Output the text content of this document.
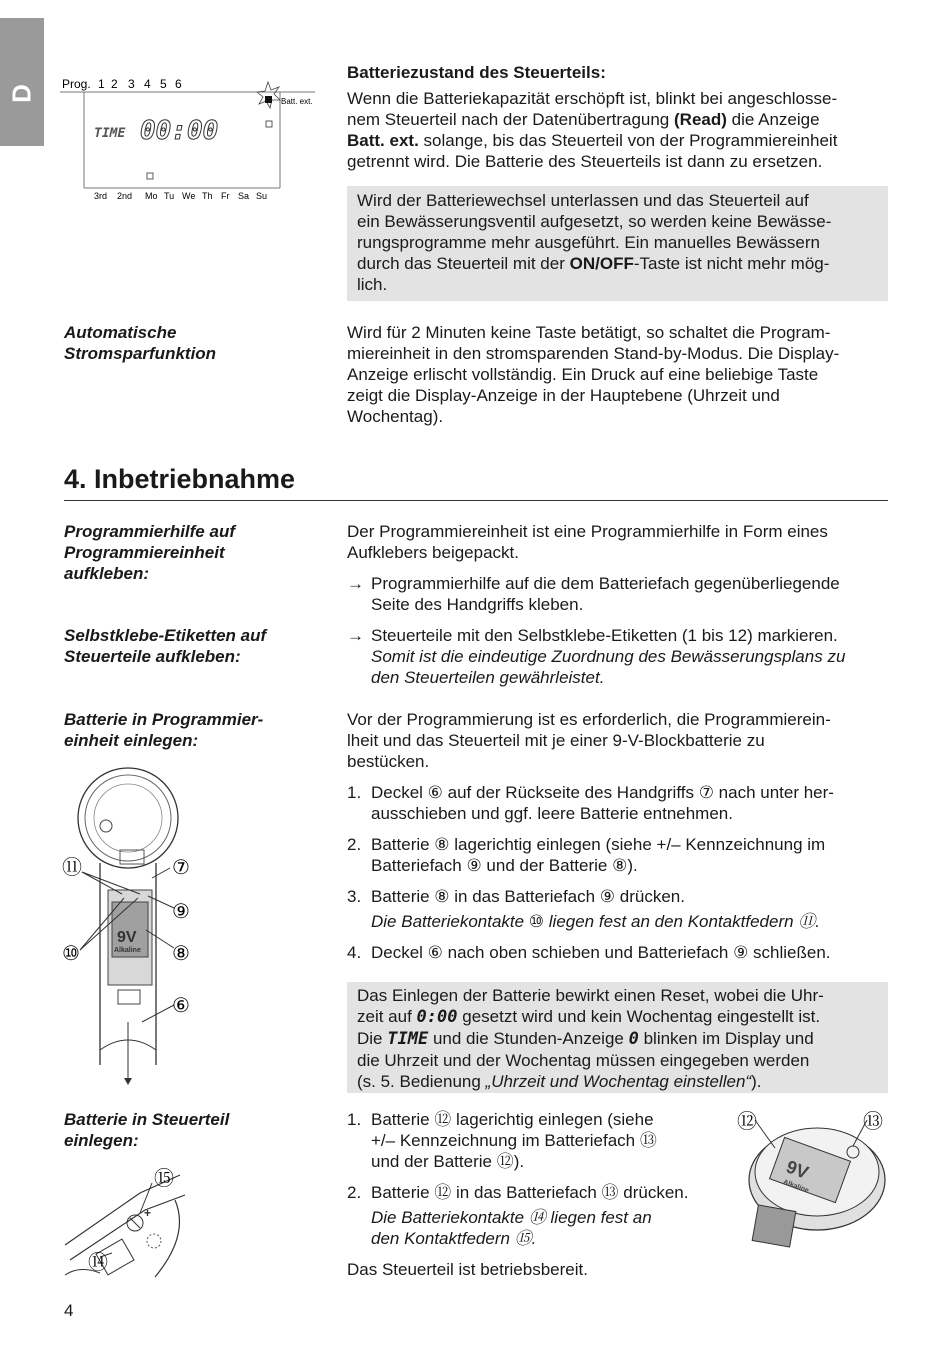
D
Prog. 1 2 3 4 5 6
Batt. ext.
TIME 00:00
3rd 2nd Mo Tu We Th Fr Sa Su
Batteriezustand des Steuerteils:
Wenn die Batteriekapazität erschöpft ist, blinkt bei angeschlosse-
nem Steuerteil nach der Datenübertragung (Read) die Anzeige
Batt. ext. solange, bis das Steuerteil von der Programmiereinheit
getrennt wird. Die Batterie des Steuerteils ist dann zu ersetzen.
Wird der Batteriewechsel unterlassen und das Steuerteil auf
ein Bewässerungsventil aufgesetzt, so werden keine Bewässe-
rungsprogramme mehr ausgeführt. Ein manuelles Bewässern
durch das Steuerteil mit der ON/OFF-Taste ist nicht mehr mög-
lich.
Automatische
Stromsparfunktion
Wird für 2 Minuten keine Taste betätigt, so schaltet die Program-
miereinheit in den stromsparenden Stand-by-Modus. Die Display-
Anzeige erlischt vollständig. Ein Druck auf eine beliebige Taste
zeigt die Display-Anzeige in der Hauptebene (Uhrzeit und
Wochentag).
4. Inbetriebnahme
Programmierhilfe auf
Programmiereinheit
aufkleben:
Der Programmiereinheit ist eine Programmierhilfe in Form eines
Aufklebers beigepackt.
→ Programmierhilfe auf die dem Batteriefach gegenüberliegende
Seite des Handgriffs kleben.
Selbstklebe-Etiketten auf
Steuerteile aufkleben:
→ Steuerteile mit den Selbstklebe-Etiketten (1 bis 12) markieren.
Somit ist die eindeutige Zuordnung des Bewässerungsplans zu
den Steuerteilen gewährleistet.
Batterie in Programmier-
einheit einlegen:
Vor der Programmierung ist es erforderlich, die Programmierein-
lheit und das Steuerteil mit je einer 9-V-Blockbatterie zu
bestücken.
1. Deckel ⑥ auf der Rückseite des Handgriffs ⑦ nach unter her-
ausschieben und ggf. leere Batterie entnehmen.
2. Batterie ⑧ lagerichtig einlegen (siehe +/– Kennzeichnung im
Batteriefach ⑨ und der Batterie ⑧).
3. Batterie ⑧ in das Batteriefach ⑨ drücken.
Die Batteriekontakte ⑩ liegen fest an den Kontaktfedern ⑪.
4. Deckel ⑥ nach oben schieben und Batteriefach ⑨ schließen.
Das Einlegen der Batterie bewirkt einen Reset, wobei die Uhr-
zeit auf 0:00 gesetzt wird und kein Wochentag eingestellt ist.
Die TIME und die Stunden-Anzeige 0 blinken im Display und
die Uhrzeit und der Wochentag müssen eingegeben werden
(s. 5. Bedienung „Uhrzeit und Wochentag einstellen“).
9V
Alkaline
⑪	⑦
⑨
⑩	⑧
⑥
Batterie in Steuerteil
einlegen:
1. Batterie ⑫ lagerichtig einlegen (siehe
+/– Kennzeichnung im Batteriefach ⑬
und der Batterie ⑫).
2. Batterie ⑫ in das Batteriefach ⑬ drücken.
Die Batteriekontakte ⑭ liegen fest an
den Kontaktfedern ⑮.
Das Steuerteil ist betriebsbereit.
+
⑮
⑭
9V
Alkaline
⑫	⑬
4
